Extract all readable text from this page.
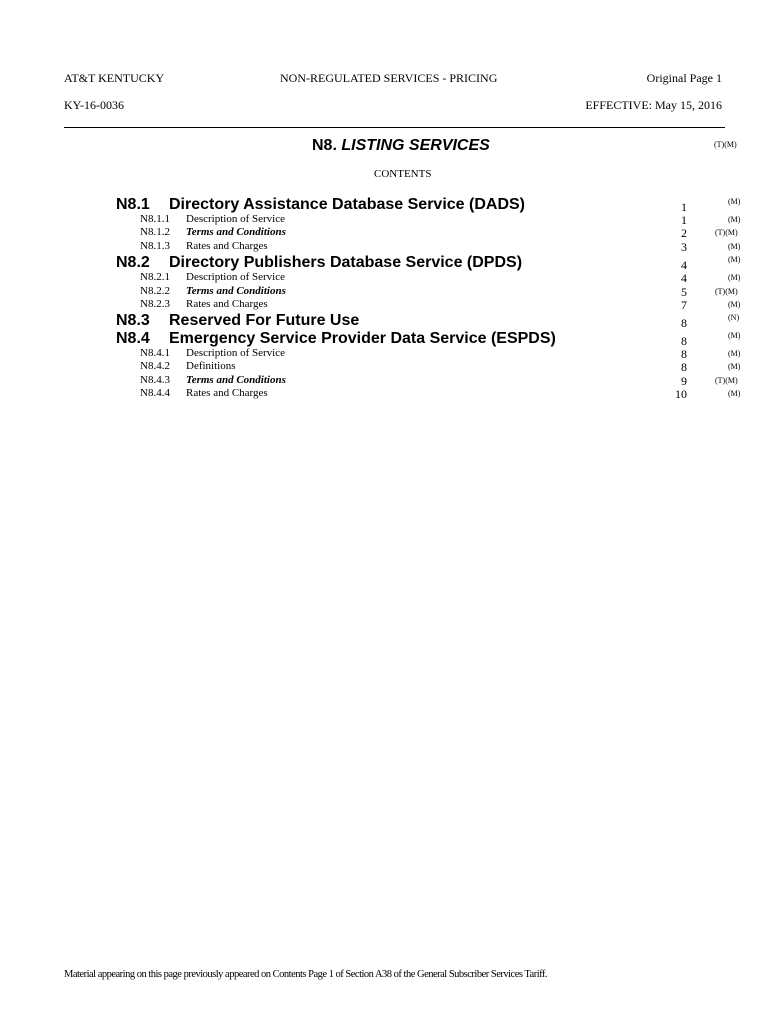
AT&T KENTUCKY	NON-REGULATED SERVICES - PRICING	Original Page 1
KY-16-0036	EFFECTIVE: May 15, 2016
N8. LISTING SERVICES	(T)(M)
CONTENTS
N8.1 Directory Assistance Database Service (DADS)	1	(M)
N8.1.1 Description of Service	1	(M)
N8.1.2 Terms and Conditions	2	(T)(M)
N8.1.3 Rates and Charges	3	(M)
N8.2 Directory Publishers Database Service (DPDS)	4	(M)
N8.2.1 Description of Service	4	(M)
N8.2.2 Terms and Conditions	5	(T)(M)
N8.2.3 Rates and Charges	7	(M)
N8.3 Reserved For Future Use	8	(N)
N8.4 Emergency Service Provider Data Service (ESPDS)	8	(M)
N8.4.1 Description of Service	8	(M)
N8.4.2 Definitions	8	(M)
N8.4.3 Terms and Conditions	9	(T)(M)
N8.4.4 Rates and Charges	10	(M)
Material appearing on this page previously appeared on Contents Page 1 of Section A38 of the General Subscriber Services Tariff.
